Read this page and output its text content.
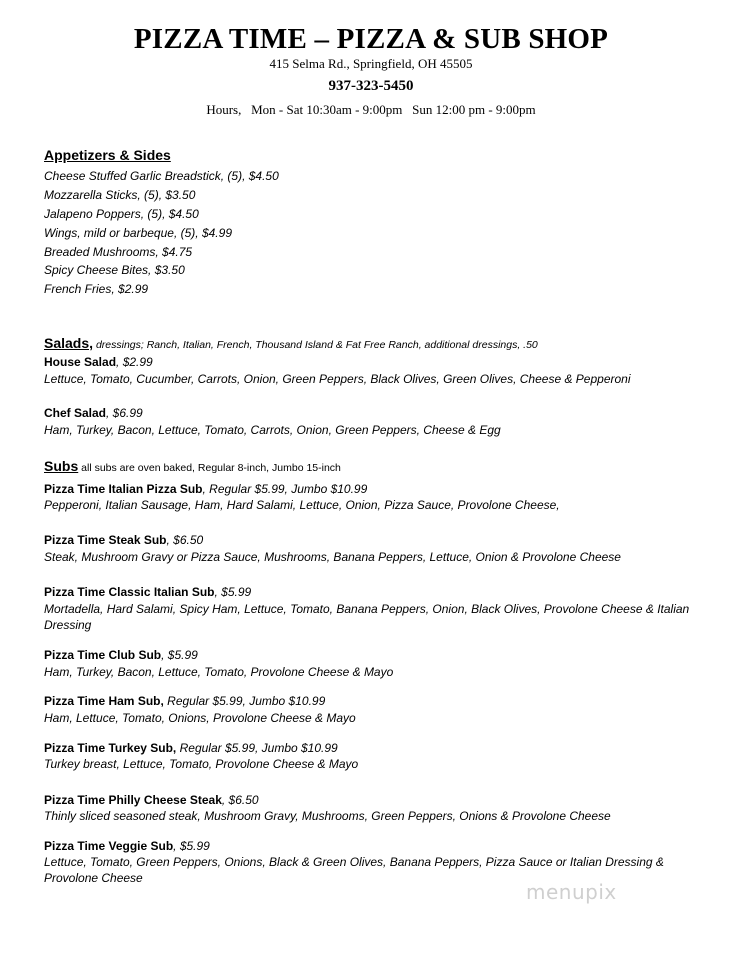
PIZZA TIME – PIZZA & SUB SHOP
415 Selma Rd., Springfield, OH 45505
937-323-5450
Hours,   Mon - Sat 10:30am - 9:00pm   Sun 12:00 pm - 9:00pm
Appetizers & Sides
Cheese Stuffed Garlic Breadstick, (5), $4.50
Mozzarella Sticks, (5), $3.50
Jalapeno Poppers, (5), $4.50
Wings, mild or barbeque, (5), $4.99
Breaded Mushrooms, $4.75
Spicy Cheese Bites, $3.50
French Fries, $2.99
Salads, dressings; Ranch, Italian, French, Thousand Island & Fat Free Ranch, additional dressings, .50
House Salad, $2.99
Lettuce, Tomato, Cucumber, Carrots, Onion, Green Peppers, Black Olives, Green Olives, Cheese & Pepperoni
Chef Salad, $6.99
Ham, Turkey, Bacon, Lettuce, Tomato, Carrots, Onion, Green Peppers, Cheese & Egg
Subs all subs are oven baked, Regular 8-inch, Jumbo 15-inch
Pizza Time Italian Pizza Sub, Regular $5.99, Jumbo $10.99
Pepperoni, Italian Sausage, Ham, Hard Salami, Lettuce, Onion, Pizza Sauce, Provolone Cheese,
Pizza Time Steak Sub, $6.50
Steak, Mushroom Gravy or Pizza Sauce, Mushrooms, Banana Peppers, Lettuce, Onion & Provolone Cheese
Pizza Time Classic Italian Sub, $5.99
Mortadella, Hard Salami, Spicy Ham, Lettuce, Tomato, Banana Peppers, Onion, Black Olives, Provolone Cheese & Italian Dressing
Pizza Time Club Sub, $5.99
Ham, Turkey, Bacon, Lettuce, Tomato, Provolone Cheese & Mayo
Pizza Time Ham Sub, Regular $5.99, Jumbo $10.99
Ham, Lettuce, Tomato, Onions, Provolone Cheese & Mayo
Pizza Time Turkey Sub, Regular $5.99, Jumbo $10.99
Turkey breast, Lettuce, Tomato, Provolone Cheese & Mayo
Pizza Time Philly Cheese Steak, $6.50
Thinly sliced seasoned steak, Mushroom Gravy, Mushrooms, Green Peppers, Onions & Provolone Cheese
Pizza Time Veggie Sub, $5.99
Lettuce, Tomato, Green Peppers, Onions, Black & Green Olives, Banana Peppers, Pizza Sauce or Italian Dressing & Provolone Cheese
menupix
